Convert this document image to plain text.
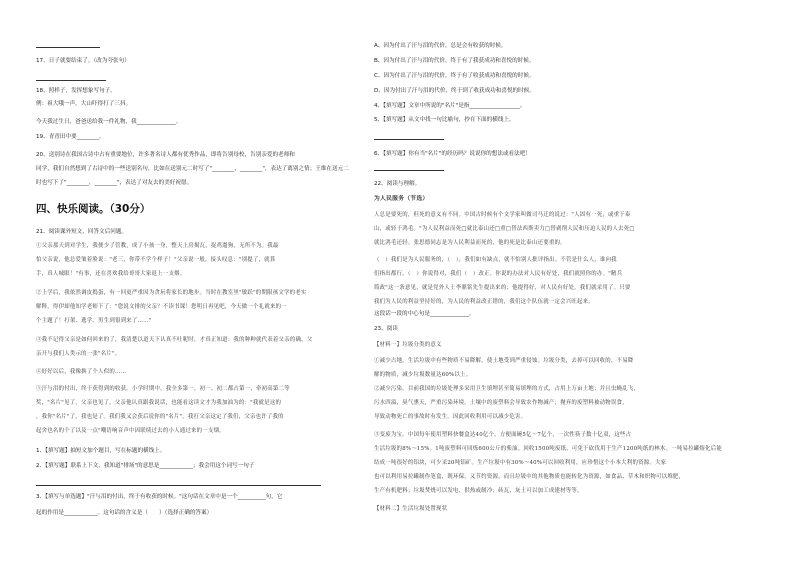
17、日子就要结束了。（改为夸张句）
18、照样子，发挥想象写句子。
例：祖大哦一声，大山吓得打了三抖。
今天我过生日，爸爸送给我一件礼物，我______________。
19、青青田中要________。
20、送别诗在我国古诗中占有重要地位，许多著名诗人都有优秀作品，即将告别母校，告别亲爱的老师和
同学，我们自然想到了古诗中的一些送别名句，比如在送别元二时写了"________，________"，表达了离别之情；王维在送元二
时也写下了"________，________"，表达了对友去的美好祝愿。
四、快乐阅读。（30分）
21、阅读课外短文，回答文后问题。
①父亲那天到对学生，我便少了管教，成了小孩一身，整天上房揭瓦，捉鸡遛狗，无所不为。我最
怕父亲说，他总爱皱着脸说："老三，你带不学个样子！"父亲说一般，接头叹息："别提了，就算
手，真人城眼！"有事，还在喜欢我给哥哥大家退上一支烟。
②上学后，我依然调皮捣蛋，有一回更严重因为贪玩将家长的地步。当时在教室里"敏跃"的期限孩文学的老实
解释，得伊却他知学老师下了："您说文排的父亲？不读书课！您明日再见吧，今天做一个礼就来的一
个主题了！打架、逃学、男生到很到来了……"
③我不记得父亲是如何回来的了，我清楚以道天下认真不吐呢时，才真正知道：我的种种就代表着父亲的确、父
亲开与我们人类示的一张"名片"。
④好好以后，我像换了个人似的……
⑤汗与泪的付出，终于获得到的收获。小学时期中，我全多第一，初一、初二都占第一，牵初高第二等
奖，"名片"见了，父亲也见了，父亲他认真跟我说话，也能看这读文才为我加油为的："我就是这的
，我你"名片"了，我也是了。我们我又会获后说你的"名片"。我打父亲这定了我们，父亲也许了我的
起舍也名的个了以及一点"嘲语响音声中因联续过去的小人通过来的一支烟。
1、【填写题】抽短文加个题目，写在标题的横线上。
2、【填写题】联系上下文，我知道"排场"的意思是____________；我会用这个词写一句子
3、【填写与单选题】"汗与泪的付出，终于有收获的时候。"这句话在文章中是一个__________句，它
起的作用是____________。这句话的含义是（　　）（选择正确的答案）
A、因为付出了汗与泪的代价，总是会有收获的时候。
B、因为付出了汗与泪的代价，终于有了我获成功和喜悦的时候。
C、因为付出了汗与泪的代价，终于有了收获成功和喜悦的时候。
D、因为付出了汗与泪的代价，终于到了收获成功和喜悦的时候。
4、【填写题】文章中所说的"名片"是指__________________。
5、【填写题】从文中找一句比喻句，抄在下面的横线上。
6、【填写题】你有当"名片"的经历吗？说说你的想法或看法吧！
22、阅读与理解。
为人民服务（节选）
人总是要死的，但死的意义有不同。中国古时候有个文学家叫做司马迁的说过："人固有一死，或重于泰
山，或轻于鸿毛。"为人民利益而死□就比泰山还□重□替法西斯卖力□替剥削人民和压迫人民的人去死□
就比鸿毛还轻。张思德同志是为人民利益而死的，他的死是比泰山还要重的。
（　）我们是为人民服务的，（　），我们如有缺点，就不怕别人批评指出。不管是什么人，谁向我
们指出都行。（　）你说得对，我们（　）改正。你说的办法对人民有好处，我们就照你的办。"精兵
简政"这一条意见，就是党外人士李鼎铭先生提出来的；他提得好，对人民有好处，我们就采用了。只要
我们为人民的利益坚持好的，为人民的利益改正错的，我们这个队伍就一定会兴旺起来。
这段话一段的中心句是______________。
23、阅读
【材料一】垃圾分类的意义
①减少占地。生活垃圾中有些物质不易降解，使土地受到严重侵蚀。垃圾分类，去掉可以回收的、不易降
解的物质，减少垃圾数量达60%以上。
②减少污染。目前我国的垃圾处理多采用卫生填埋甚至简易填埋的方式，占用上万亩土地；并且虫蝇乱飞，
污水四溢，臭气熏天，严重污染环境。土壤中的废塑料会导致农作物减产；抛弃的废塑料被动物误食，
导致动物死亡的事故时有发生。因此回收利用可以减少危害。
③变废为宝。中国每年使用塑料快餐盒达40亿个，方便面碗5亿～7亿个，一次性筷子数十亿双，这些占
生活垃圾的8%～15%。1吨废塑料可回炼600公斤的柴油。回收1500吨废纸，可免于砍伐用于生产1200吨纸的林木。一吨易拉罐熔化后能
结成一吨很好的铝块，可少采20吨铝矿。生产垃圾中有30%～40%可以回收利用，应珍惜这个小本大利的资源。大家
也可以利用易拉罐制作笔盒，既环保，又节约资源。而且垃圾中的其他物质也能转化为资源，如食品、草木和织物可以堆肥，
生产有机肥料；垃圾焚烧可以发电、供热或制冷；砖瓦、灰土可以加工成建材等等。
【材料二】生活垃圾处置现状
